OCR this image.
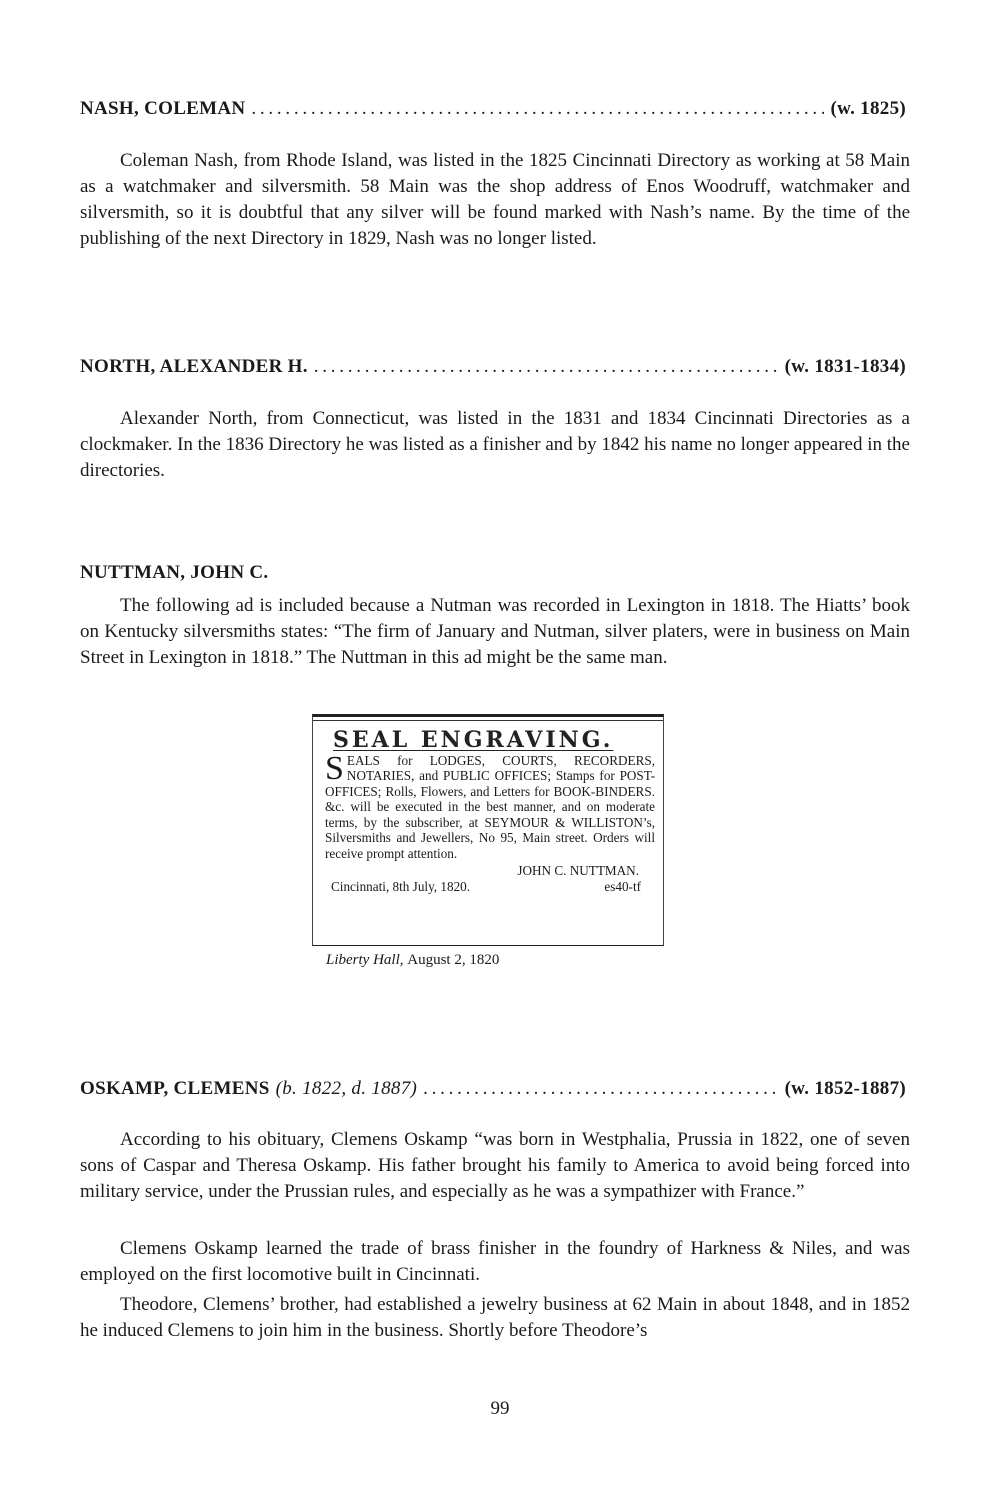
NASH, COLEMAN . . .	(w. 1825)

Coleman Nash, from Rhode Island, was listed in the 1825 Cincinnati Directory as working at 58 Main as a watchmaker and silversmith. 58 Main was the shop address of Enos Woodruff, watchmaker and silversmith, so it is doubtful that any silver will be found marked with Nash’s name. By the time of the publishing of the next Directory in 1829, Nash was no longer listed.

NORTH, ALEXANDER H. . . .	(w. 1831-1834)

Alexander North, from Connecticut, was listed in the 1831 and 1834 Cincinnati Directories as a clockmaker. In the 1836 Directory he was listed as a finisher and by 1842 his name no longer appeared in the directories.

NUTTMAN, JOHN C.

The following ad is included because a Nutman was recorded in Lexington in 1818. The Hiatts’ book on Kentucky silversmiths states: “The firm of January and Nutman, silver platers, were in business on Main Street in Lexington in 1818.” The Nuttman in this ad might be the same man.

SEAL ENGRAVING.
SEALS for LODGES, COURTS, RECORDERS, NOTARIES, and PUBLIC OFFICES; Stamps for POST-OFFICES; Rolls, Flowers, and Letters for BOOK-BINDERS. &c. will be executed in the best manner, and on moderate terms, by the subscriber, at SEYMOUR & WILLISTON’s, Silversmiths and Jewellers, No 95, Main street. Orders will receive prompt attention.
JOHN C. NUTTMAN.
Cincinnati, 8th July, 1820.	es40-tf
Liberty Hall, August 2, 1820
OSKAMP, CLEMENS (b. 1822, d. 1887) . . .	(w. 1852-1887)

According to his obituary, Clemens Oskamp “was born in Westphalia, Prussia in 1822, one of seven sons of Caspar and Theresa Oskamp. His father brought his family to America to avoid being forced into military service, under the Prussian rules, and especially as he was a sympathizer with France.”

Clemens Oskamp learned the trade of brass finisher in the foundry of Harkness & Niles, and was employed on the first locomotive built in Cincinnati.

Theodore, Clemens’ brother, had established a jewelry business at 62 Main in about 1848, and in 1852 he induced Clemens to join him in the business. Shortly before Theodore’s

99
